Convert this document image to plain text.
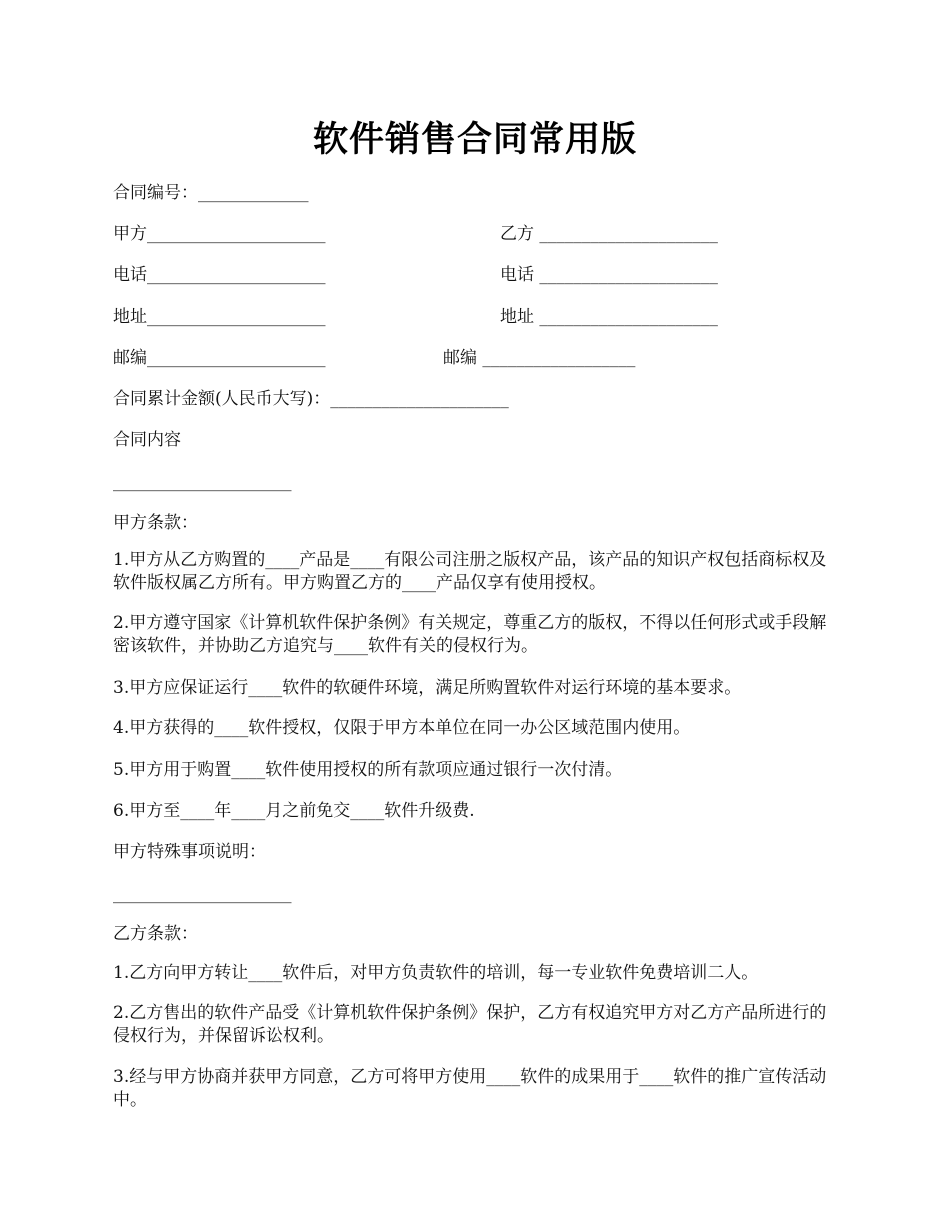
软件销售合同常用版
合同编号：_____________
甲方_____________________	乙方 _____________________
电话_____________________	电话 _____________________
地址_____________________	地址 _____________________
邮编_____________________	邮编 __________________
合同累计金额(人民币大写)：_____________________
合同内容
_____________________
甲方条款：
1.甲方从乙方购置的____产品是____有限公司注册之版权产品，该产品的知识产权包括商标权及软件版权属乙方所有。甲方购置乙方的____产品仅享有使用授权。
2.甲方遵守国家《计算机软件保护条例》有关规定，尊重乙方的版权，不得以任何形式或手段解密该软件，并协助乙方追究与____软件有关的侵权行为。
3.甲方应保证运行____软件的软硬件环境，满足所购置软件对运行环境的基本要求。
4.甲方获得的____软件授权，仅限于甲方本单位在同一办公区域范围内使用。
5.甲方用于购置____软件使用授权的所有款项应通过银行一次付清。
6.甲方至____年____月之前免交____软件升级费.
甲方特殊事项说明：
_____________________
乙方条款：
1.乙方向甲方转让____软件后，对甲方负责软件的培训，每一专业软件免费培训二人。
2.乙方售出的软件产品受《计算机软件保护条例》保护，乙方有权追究甲方对乙方产品所进行的侵权行为，并保留诉讼权利。
3.经与甲方协商并获甲方同意，乙方可将甲方使用____软件的成果用于____软件的推广宣传活动中。
